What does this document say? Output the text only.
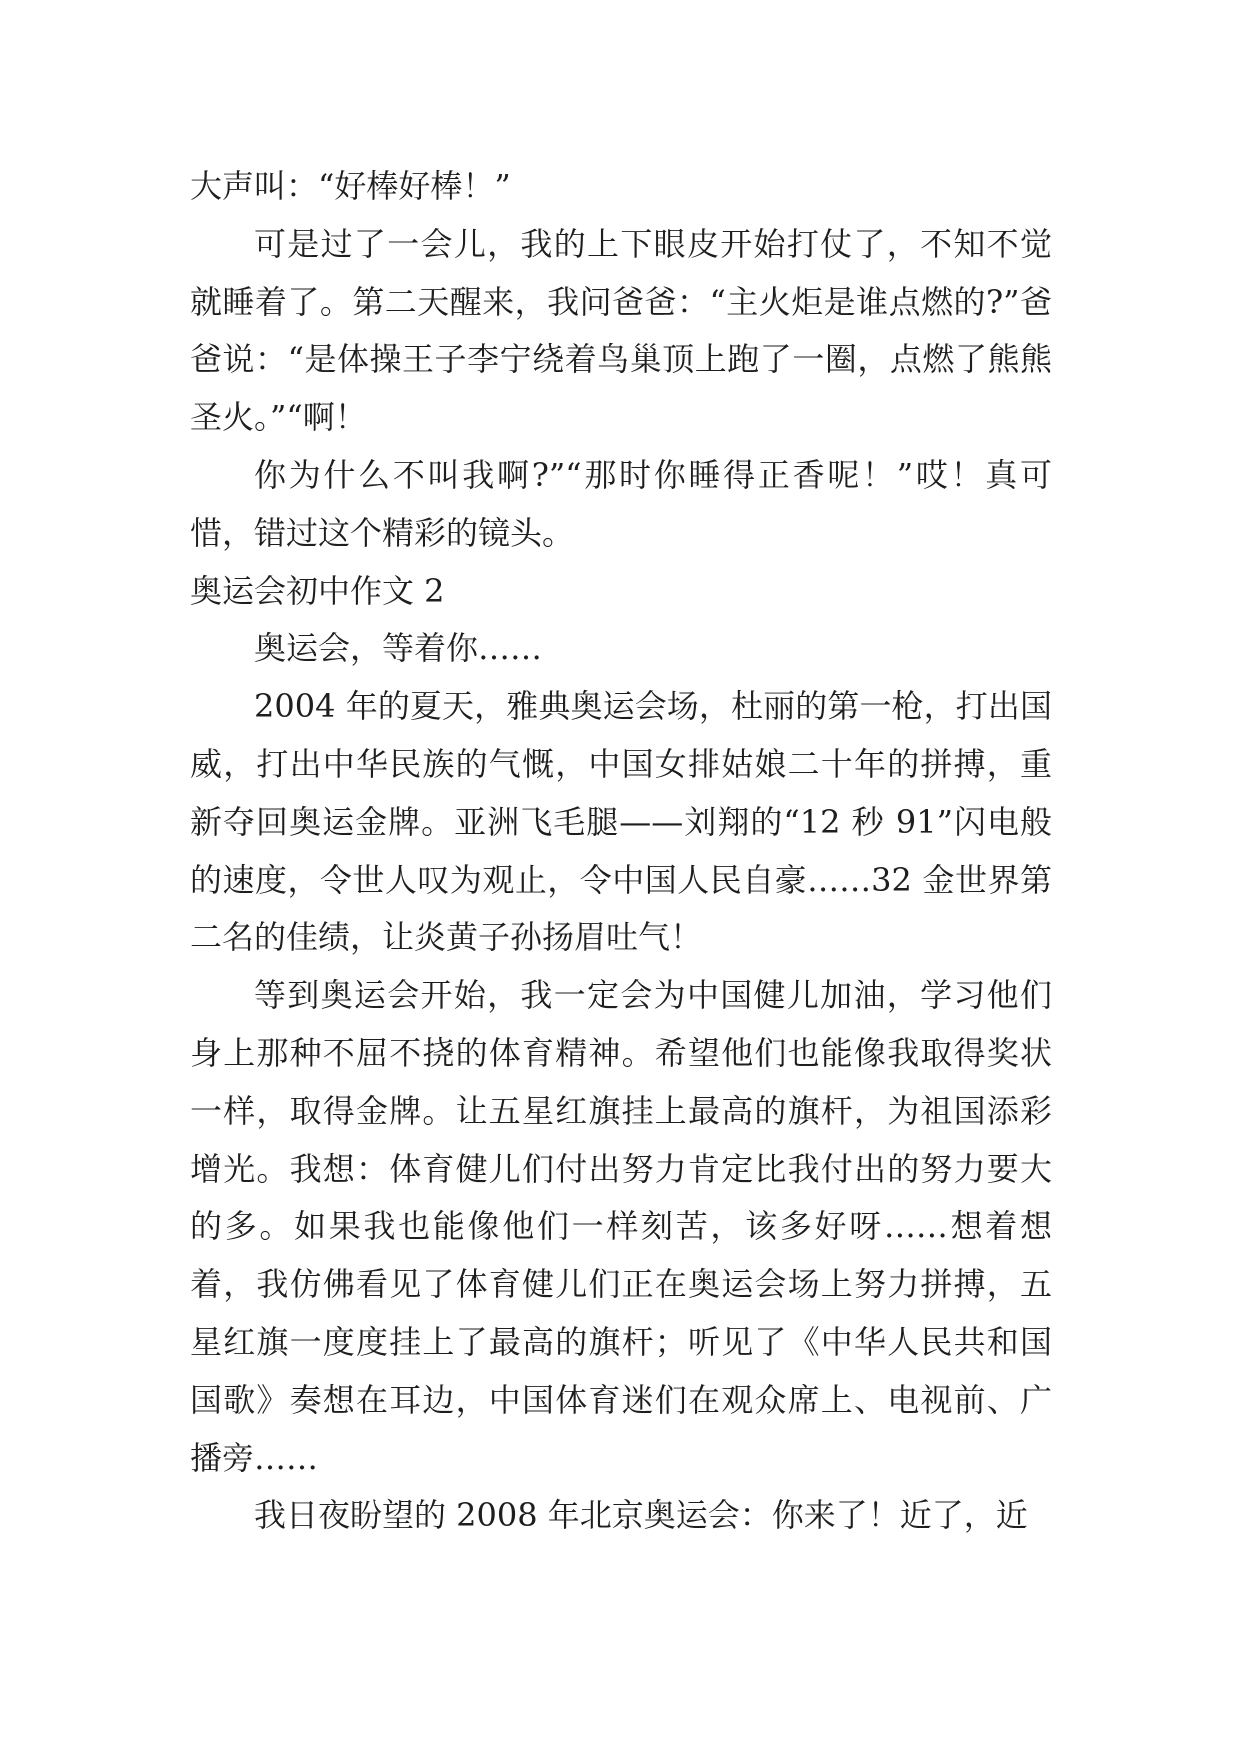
大声叫：“好棒好棒！”

可是过了一会儿，我的上下眼皮开始打仗了，不知不觉就睡着了。第二天醒来，我问爸爸：“主火炬是谁点燃的?”爸爸说：“是体操王子李宁绕着鸟巢顶上跑了一圈，点燃了熊熊圣火。”“啊！

你为什么不叫我啊?”“那时你睡得正香呢！”哎！真可惜，错过这个精彩的镜头。

奥运会初中作文 2

奥运会，等着你……

2004 年的夏天，雅典奥运会场，杜丽的第一枪，打出国威，打出中华民族的气慨，中国女排姑娘二十年的拼搏，重新夺回奥运金牌。亚洲飞毛腿——刘翔的“12 秒 91”闪电般的速度，令世人叹为观止，令中国人民自豪……32 金世界第二名的佳绩，让炎黄子孙扬眉吐气！

等到奥运会开始，我一定会为中国健儿加油，学习他们身上那种不屈不挠的体育精神。希望他们也能像我取得奖状一样，取得金牌。让五星红旗挂上最高的旗杆，为祖国添彩增光。我想：体育健儿们付出努力肯定比我付出的努力要大的多。如果我也能像他们一样刻苦，该多好呀……想着想着，我仿佛看见了体育健儿们正在奥运会场上努力拼搏，五星红旗一度度挂上了最高的旗杆；听见了《中华人民共和国国歌》奏想在耳边，中国体育迷们在观众席上、电视前、广播旁……

我日夜盼望的 2008 年北京奥运会：你来了！近了，近
